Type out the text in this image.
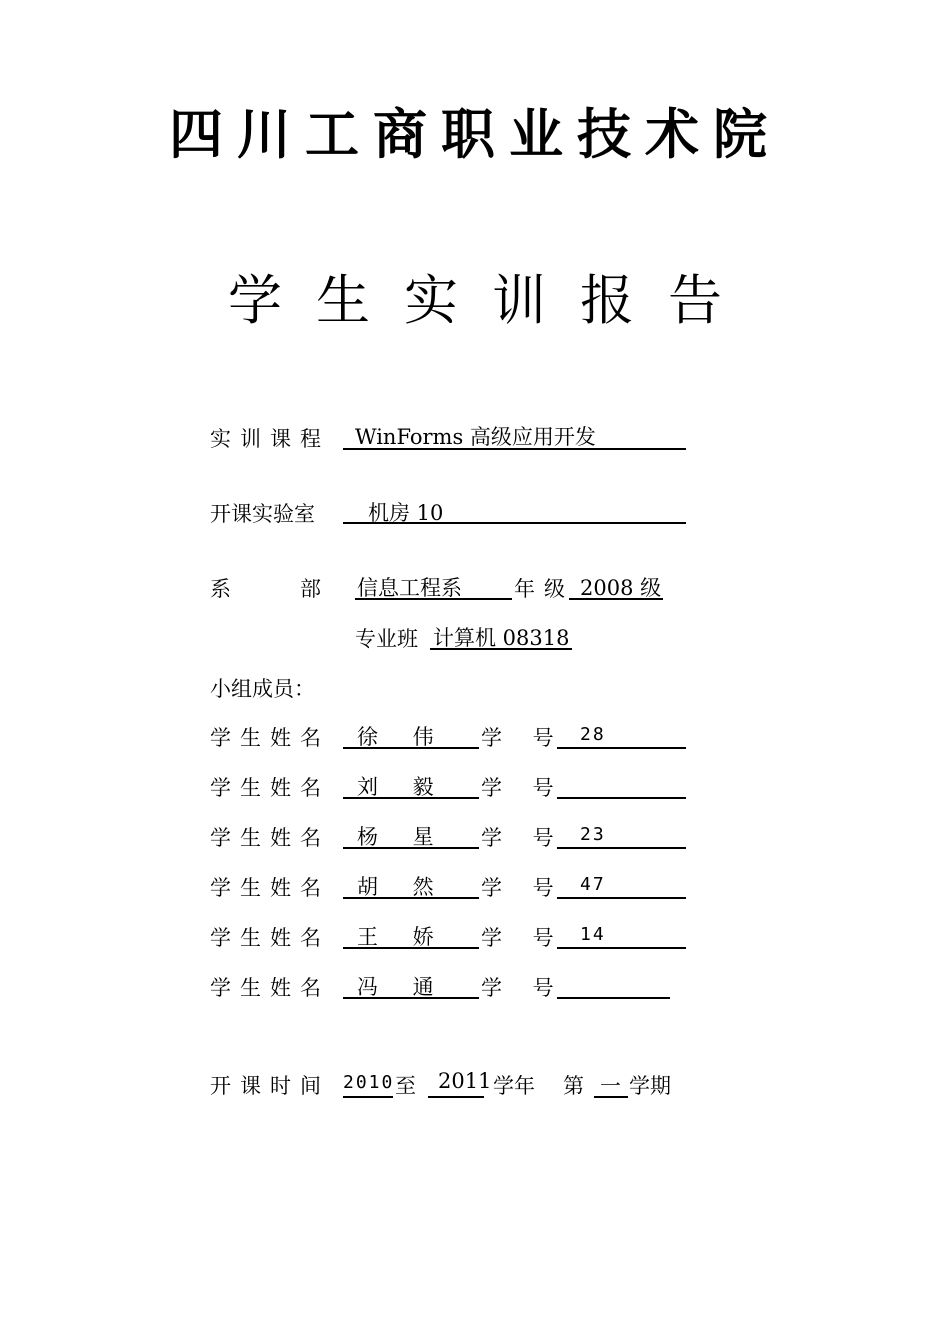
四川工商职业技术院
学生实训报告
实训课程 WinForms 高级应用开发
开课实验室	机房 10
系	部 信息工程系 年级 2008 级
专业班 计算机 08318
小组成员：
学生姓名 徐 伟 学 号 28
学生姓名 刘 毅 学 号
学生姓名 杨 星 学 号 23
学生姓名 胡 然 学 号 47
学生姓名 王 娇 学 号 14
学生姓名 冯 通 学 号
开课时间 2010 至 2011 学年 第 一 学期
